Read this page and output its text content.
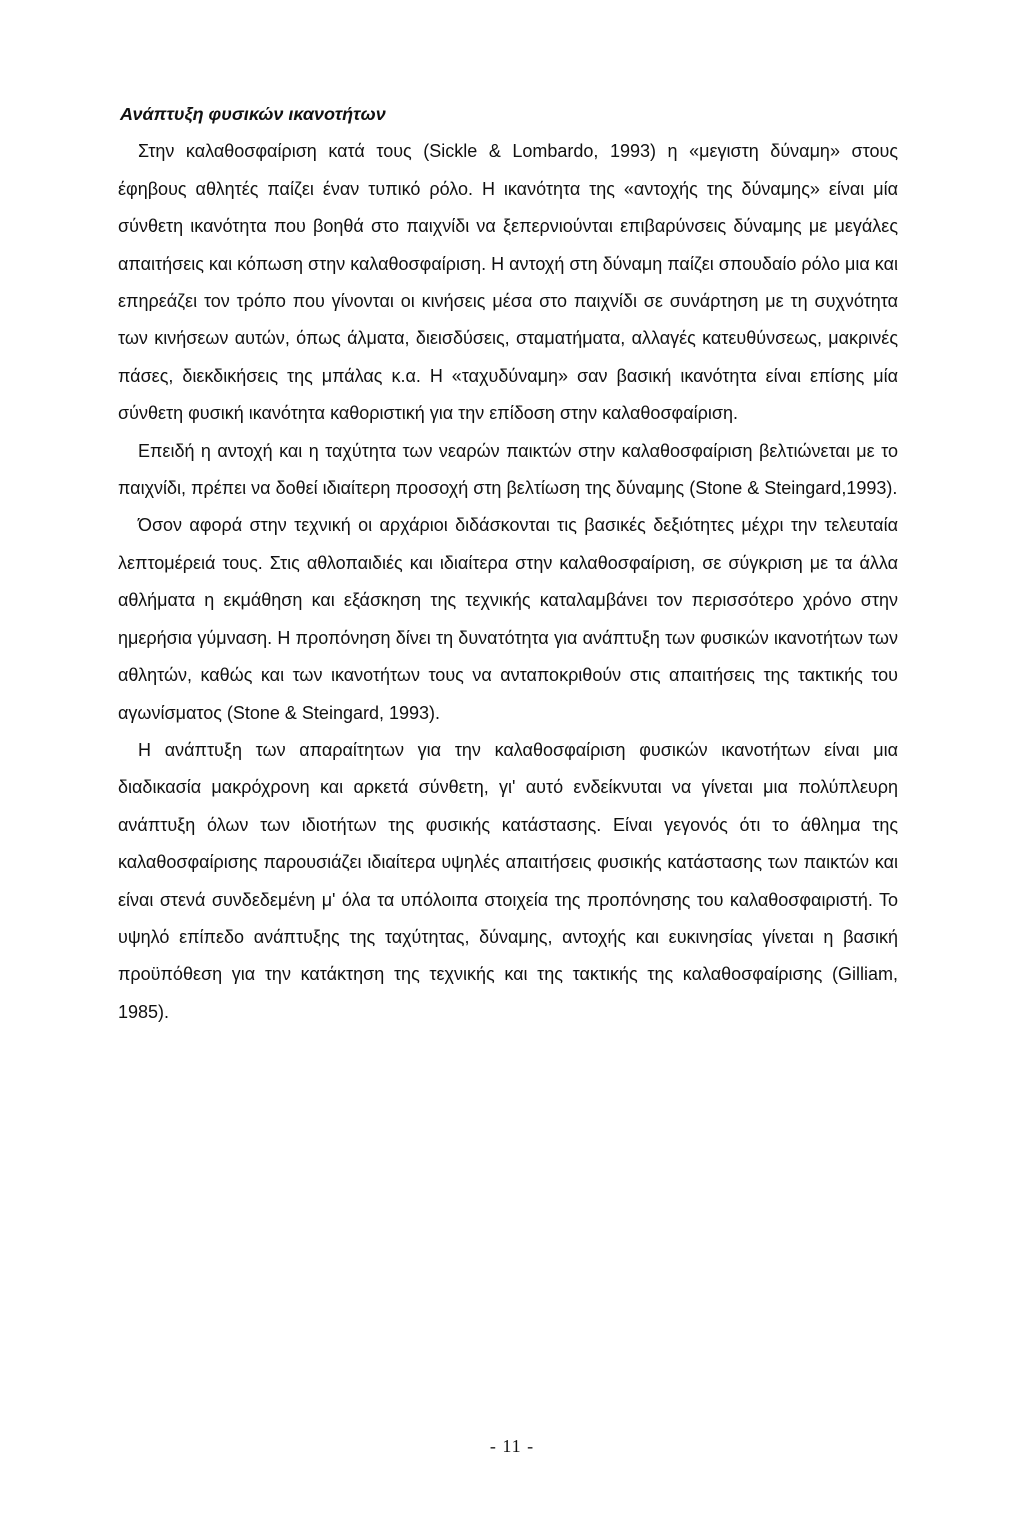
Ανάπτυξη φυσικών ικανοτήτων

Στην καλαθοσφαίριση κατά τους (Sickle & Lombardo, 1993) η «μεγιστη δύναμη» στους έφηβους αθλητές παίζει έναν τυπικό ρόλο. Η ικανότητα της «αντοχής της δύναμης» είναι μία σύνθετη ικανότητα που βοηθά στο παιχνίδι να ξεπερνιούνται επιβαρύνσεις δύναμης με μεγάλες απαιτήσεις και κόπωση στην καλαθοσφαίριση. Η αντοχή στη δύναμη παίζει σπουδαίο ρόλο μια και επηρεάζει τον τρόπο που γίνονται οι κινήσεις μέσα στο παιχνίδι σε συνάρτηση με τη συχνότητα των κινήσεων αυτών, όπως άλματα, διεισδύσεις, σταματήματα, αλλαγές κατευθύνσεως, μακρινές πάσες, διεκδικήσεις της μπάλας κ.α. Η «ταχυδύναμη» σαν βασική ικανότητα είναι επίσης μία σύνθετη φυσική ικανότητα καθοριστική για την επίδοση στην καλαθοσφαίριση.

Επειδή η αντοχή και η ταχύτητα των νεαρών παικτών στην καλαθοσφαίριση βελτιώνεται με το παιχνίδι, πρέπει να δοθεί ιδιαίτερη προσοχή στη βελτίωση της δύναμης (Stone & Steingard,1993).

Όσον αφορά στην τεχνική οι αρχάριοι διδάσκονται τις βασικές δεξιότητες μέχρι την τελευταία λεπτομέρειά τους. Στις αθλοπαιδιές και ιδιαίτερα στην καλαθοσφαίριση, σε σύγκριση με τα άλλα αθλήματα η εκμάθηση και εξάσκηση της τεχνικής καταλαμβάνει τον περισσότερο χρόνο στην ημερήσια γύμναση. Η προπόνηση δίνει τη δυνατότητα για ανάπτυξη των φυσικών ικανοτήτων των αθλητών, καθώς και των ικανοτήτων τους να ανταποκριθούν στις απαιτήσεις της τακτικής του αγωνίσματος (Stone & Steingard, 1993).

Η ανάπτυξη των απαραίτητων για την καλαθοσφαίριση φυσικών ικανοτήτων είναι μια διαδικασία μακρόχρονη και αρκετά σύνθετη, γι' αυτό ενδείκνυται να γίνεται μια πολύπλευρη ανάπτυξη όλων των ιδιοτήτων της φυσικής κατάστασης. Είναι γεγονός ότι το άθλημα της καλαθοσφαίρισης παρουσιάζει ιδιαίτερα υψηλές απαιτήσεις φυσικής κατάστασης των παικτών και είναι στενά συνδεδεμένη μ' όλα τα υπόλοιπα στοιχεία της προπόνησης του καλαθοσφαιριστή. Το υψηλό επίπεδο ανάπτυξης της ταχύτητας, δύναμης, αντοχής και ευκινησίας γίνεται η βασική προϋπόθεση για την κατάκτηση της τεχνικής και της τακτικής της καλαθοσφαίρισης (Gilliam, 1985).

- 11 -
